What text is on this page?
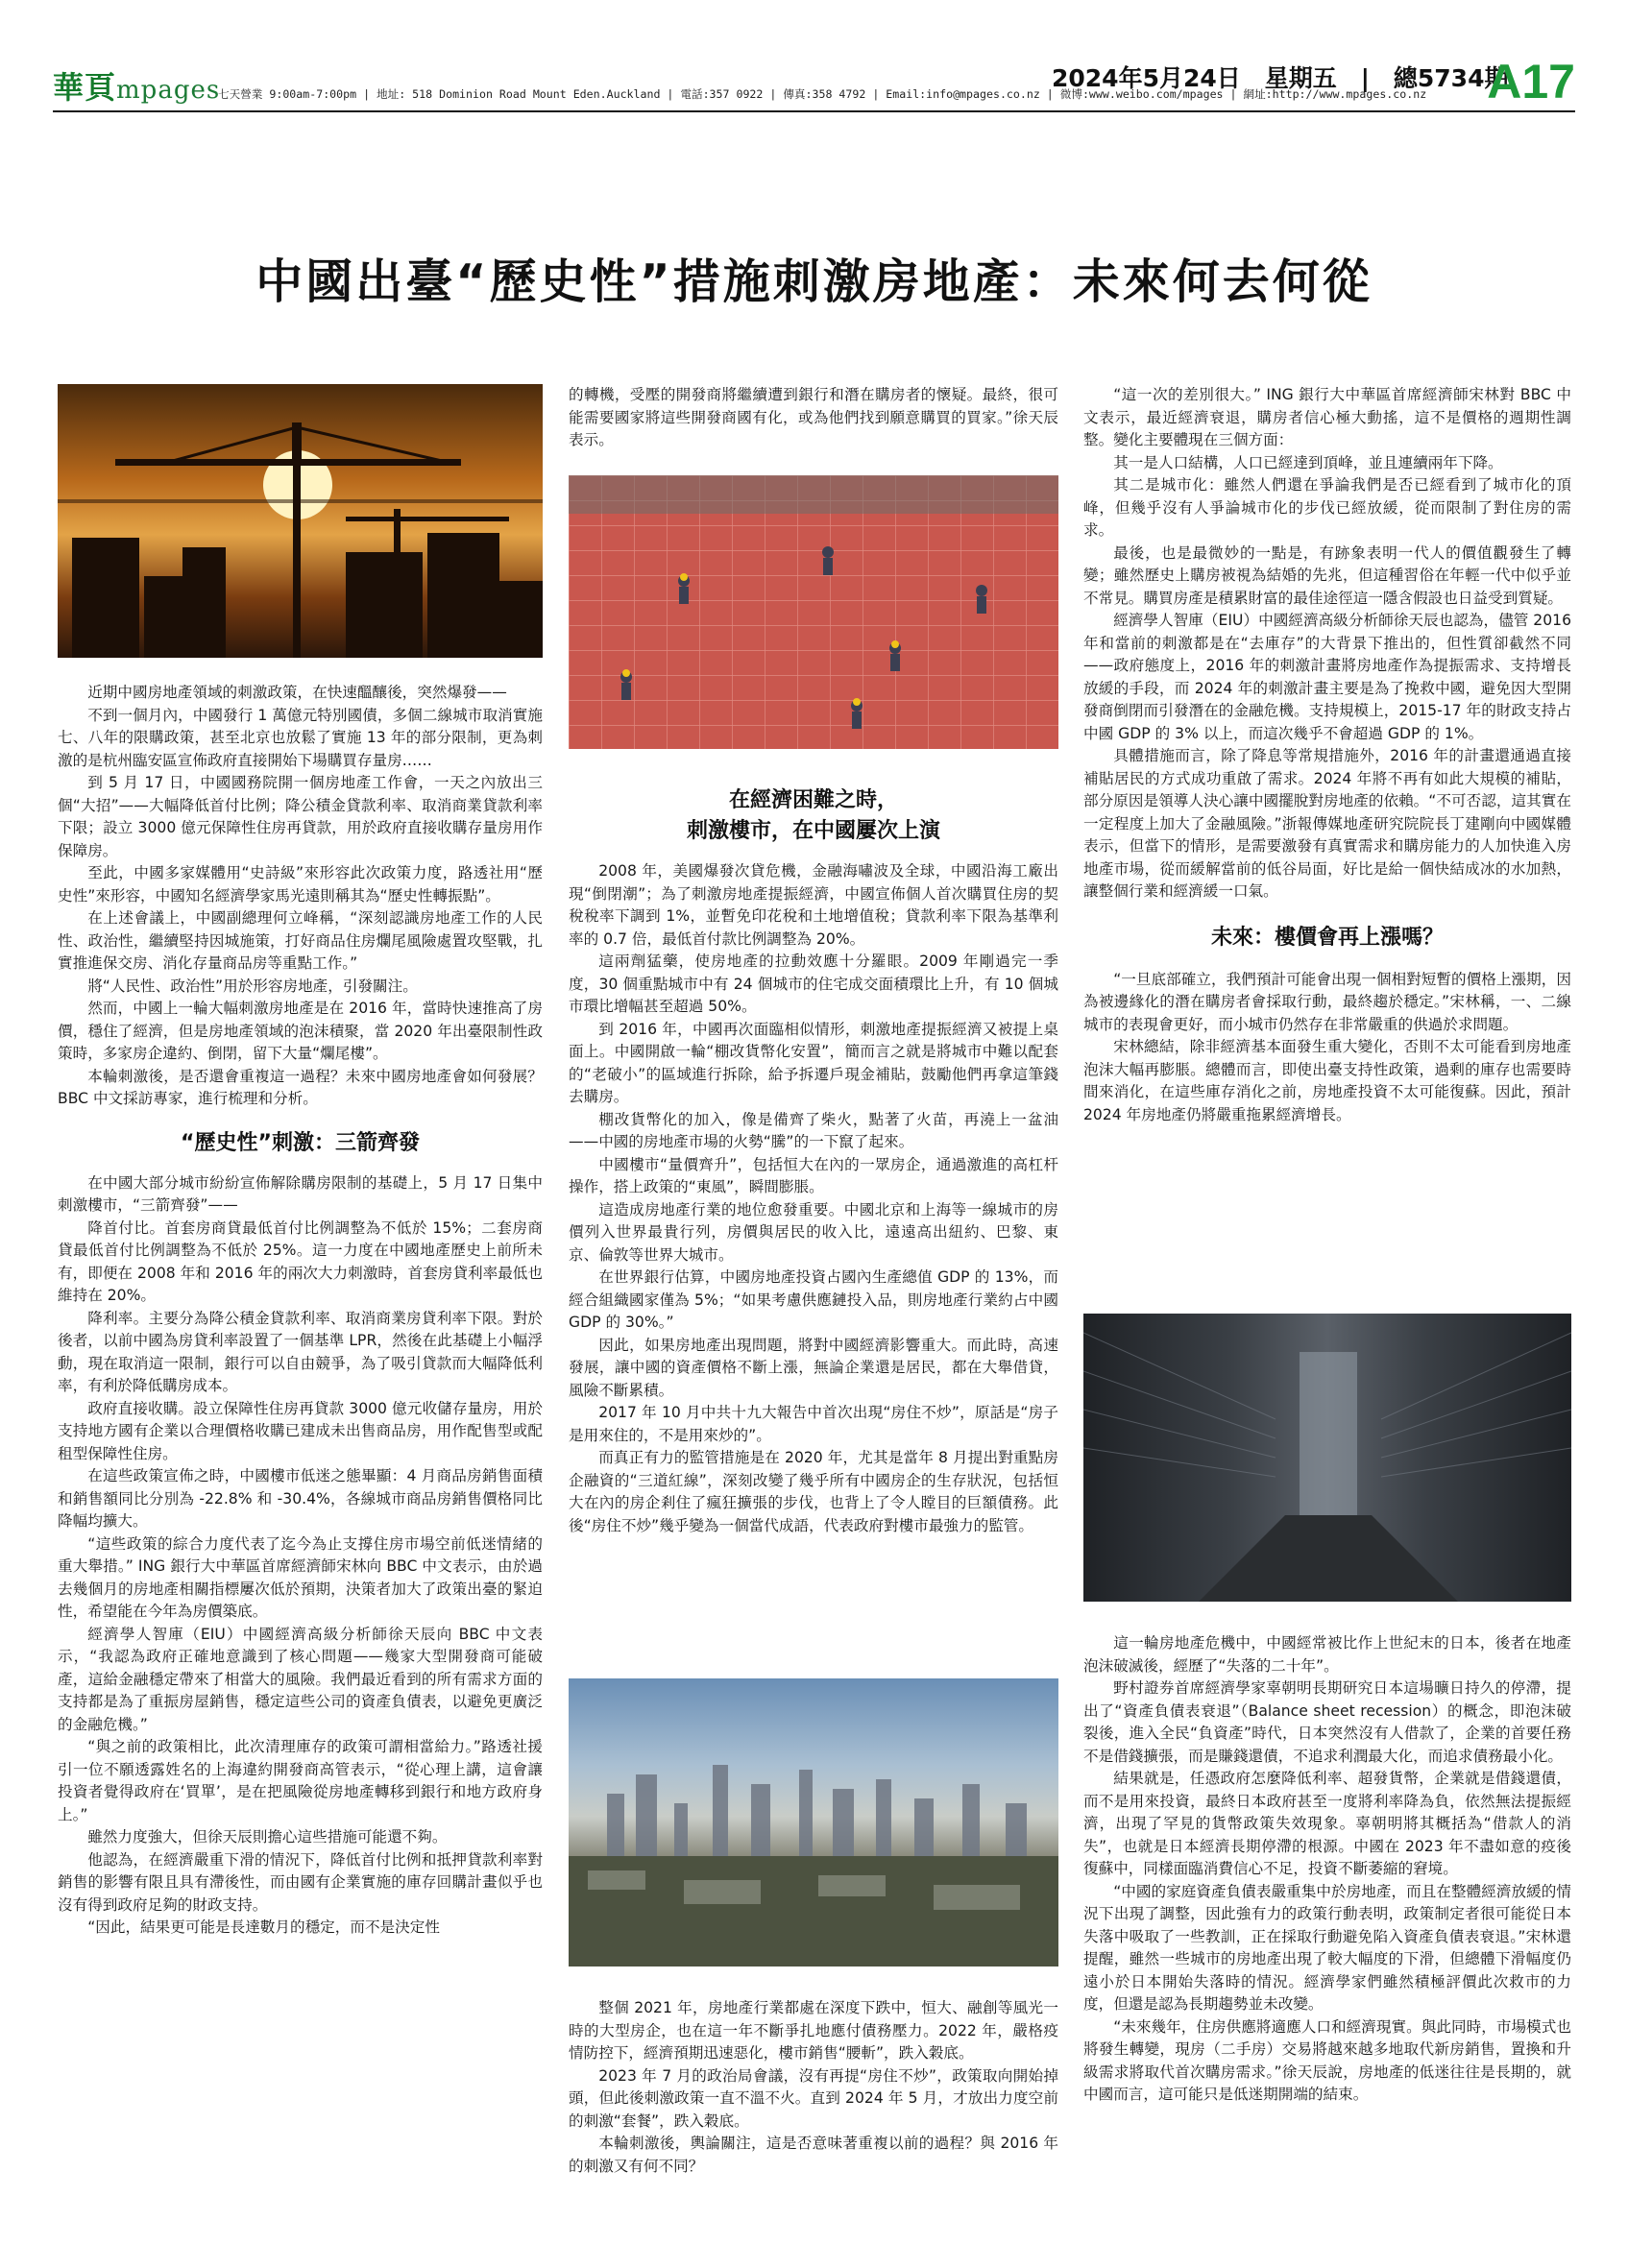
華頁mpages
七天營業 9:00am-7:00pm | 地址: 518 Dominion Road Mount Eden.Auckland | 電話:357 0922 | 傳真:358 4792 | Email:info@mpages.co.nz | 微博:www.weibo.com/mpages | 網址:http://www.mpages.co.nz
2024年5月24日　星期五　|　總5734期
A17
中國出臺“歷史性”措施刺激房地產：未來何去何從

近期中國房地產領域的刺激政策，在快速醞釀後，突然爆發——

不到一個月內，中國發行 1 萬億元特別國債，多個二線城市取消實施七、八年的限購政策，甚至北京也放鬆了實施 13 年的部分限制，更為刺激的是杭州臨安區宣佈政府直接開始下場購買存量房……

到 5 月 17 日，中國國務院開一個房地產工作會，一天之內放出三個“大招”——大幅降低首付比例；降公積金貸款利率、取消商業貸款利率下限；設立 3000 億元保障性住房再貸款，用於政府直接收購存量房用作保障房。

至此，中國多家媒體用“史詩級”來形容此次政策力度，路透社用“歷史性”來形容，中國知名經濟學家馬光遠則稱其為“歷史性轉振點”。

在上述會議上，中國副總理何立峰稱，“深刻認識房地產工作的人民性、政治性，繼續堅持因城施策，打好商品住房爛尾風險處置攻堅戰，扎實推進保交房、消化存量商品房等重點工作。”

將“人民性、政治性”用於形容房地產，引發關注。

然而，中國上一輪大幅刺激房地產是在 2016 年，當時快速推高了房價，穩住了經濟，但是房地產領域的泡沫積聚，當 2020 年出臺限制性政策時，多家房企違約、倒閉，留下大量“爛尾樓”。

本輪刺激後，是否還會重複這一過程？未來中國房地產會如何發展？ BBC 中文採訪專家，進行梳理和分析。

“歷史性”刺激：三箭齊發

在中國大部分城市紛紛宣佈解除購房限制的基礎上，5 月 17 日集中刺激樓市，“三箭齊發”——

降首付比。首套房商貸最低首付比例調整為不低於 15%；二套房商貸最低首付比例調整為不低於 25%。這一力度在中國地產歷史上前所未有，即便在 2008 年和 2016 年的兩次大力刺激時，首套房貸利率最低也維持在 20%。

降利率。主要分為降公積金貸款利率、取消商業房貸利率下限。對於後者，以前中國為房貸利率設置了一個基準 LPR，然後在此基礎上小幅浮動，現在取消這一限制，銀行可以自由競爭，為了吸引貸款而大幅降低利率，有利於降低購房成本。

政府直接收購。設立保障性住房再貸款 3000 億元收儲存量房，用於支持地方國有企業以合理價格收購已建成未出售商品房，用作配售型或配租型保障性住房。

在這些政策宣佈之時，中國樓市低迷之態畢顯：4 月商品房銷售面積和銷售額同比分別為 -22.8% 和 -30.4%，各線城市商品房銷售價格同比降幅均擴大。

“這些政策的綜合力度代表了迄今為止支撐住房市場空前低迷情緒的重大舉措。” ING 銀行大中華區首席經濟師宋林向 BBC 中文表示，由於過去幾個月的房地產相關指標屢次低於預期，決策者加大了政策出臺的緊迫性，希望能在今年為房價築底。

經濟學人智庫（EIU）中國經濟高級分析師徐天辰向 BBC 中文表示，“我認為政府正確地意識到了核心問題——幾家大型開發商可能破產，這給金融穩定帶來了相當大的風險。我們最近看到的所有需求方面的支持都是為了重振房屋銷售，穩定這些公司的資產負債表，以避免更廣泛的金融危機。”

“與之前的政策相比，此次清理庫存的政策可謂相當給力。”路透社援引一位不願透露姓名的上海違約開發商高管表示，“從心理上講，這會讓投資者覺得政府在‘買單’，是在把風險從房地產轉移到銀行和地方政府身上。”

雖然力度強大，但徐天辰則擔心這些措施可能還不夠。

他認為，在經濟嚴重下滑的情況下，降低首付比例和抵押貸款利率對銷售的影響有限且具有滯後性，而由國有企業實施的庫存回購計畫似乎也沒有得到政府足夠的財政支持。

“因此，結果更可能是長達數月的穩定，而不是決定性

的轉機，受壓的開發商將繼續遭到銀行和潛在購房者的懷疑。最終，很可能需要國家將這些開發商國有化，或為他們找到願意購買的買家。”徐天辰表示。

在經濟困難之時，
刺激樓市，在中國屢次上演

2008 年，美國爆發次貸危機，金融海嘯波及全球，中國沿海工廠出現“倒閉潮”；為了刺激房地產提振經濟，中國宣佈個人首次購買住房的契稅稅率下調到 1%，並暫免印花稅和土地增值稅；貸款利率下限為基準利率的 0.7 倍，最低首付款比例調整為 20%。

這兩劑猛藥，使房地產的拉動效應十分羅眼。2009 年剛過完一季度，30 個重點城市中有 24 個城市的住宅成交面積環比上升，有 10 個城市環比增幅甚至超過 50%。

到 2016 年，中國再次面臨相似情形，刺激地產提振經濟又被提上桌面上。中國開啟一輪“棚改貨幣化安置”，簡而言之就是將城市中難以配套的“老破小”的區域進行拆除，給予拆遷戶現金補貼，鼓勵他們再拿這筆錢去購房。

棚改貨幣化的加入，像是備齊了柴火，點著了火苗，再澆上一盆油——中國的房地產市場的火勢“騰”的一下竄了起來。

中國樓市“量價齊升”，包括恒大在內的一眾房企，通過激進的高杠杆操作，搭上政策的“東風”，瞬間膨脹。

這造成房地產行業的地位愈發重要。中國北京和上海等一線城市的房價列入世界最貴行列，房價與居民的收入比，遠遠高出紐約、巴黎、東京、倫敦等世界大城市。

在世界銀行估算，中國房地產投資占國內生產總值 GDP 的 13%，而經合組織國家僅為 5%；“如果考慮供應鏈投入品，則房地產行業約占中國 GDP 的 30%。”

因此，如果房地產出現問題，將對中國經濟影響重大。而此時，高速發展，讓中國的資產價格不斷上漲，無論企業還是居民，都在大舉借貸，風險不斷累積。

2017 年 10 月中共十九大報告中首次出現“房住不炒”，原話是“房子是用來住的，不是用來炒的”。

而真正有力的監管措施是在 2020 年，尤其是當年 8 月提出對重點房企融資的“三道紅線”，深刻改變了幾乎所有中國房企的生存狀況，包括恒大在內的房企剎住了瘋狂擴張的步伐，也背上了令人瞠目的巨額債務。此後“房住不炒”幾乎變為一個當代成語，代表政府對樓市最強力的監管。

整個 2021 年，房地產行業都處在深度下跌中，恒大、融創等風光一時的大型房企，也在這一年不斷爭扎地應付債務壓力。2022 年，嚴格疫情防控下，經濟預期迅速惡化，樓市銷售“腰斬”，跌入穀底。

2023 年 7 月的政治局會議，沒有再提“房住不炒”，政策取向開始掉頭，但此後刺激政策一直不溫不火。直到 2024 年 5 月，才放出力度空前的刺激“套餐”，跌入穀底。

本輪刺激後，輿論關注，這是否意味著重複以前的過程？與 2016 年的刺激又有何不同？

“這一次的差別很大。” ING 銀行大中華區首席經濟師宋林對 BBC 中文表示，最近經濟衰退，購房者信心極大動搖，這不是價格的週期性調整。變化主要體現在三個方面：

其一是人口結構，人口已經達到頂峰，並且連續兩年下降。

其二是城市化：雖然人們還在爭論我們是否已經看到了城市化的頂峰，但幾乎沒有人爭論城市化的步伐已經放緩，從而限制了對住房的需求。

最後，也是最微妙的一點是，有跡象表明一代人的價值觀發生了轉變；雖然歷史上購房被視為結婚的先兆，但這種習俗在年輕一代中似乎並不常見。購買房產是積累財富的最佳途徑這一隱含假設也日益受到質疑。

經濟學人智庫（EIU）中國經濟高級分析師徐天辰也認為，儘管 2016 年和當前的刺激都是在“去庫存”的大背景下推出的，但性質卻截然不同——政府態度上，2016 年的刺激計畫將房地產作為提振需求、支持增長放緩的手段，而 2024 年的刺激計畫主要是為了挽救中國，避免因大型開發商倒閉而引發潛在的金融危機。支持規模上，2015-17 年的財政支持占中國 GDP 的 3% 以上，而這次幾乎不會超過 GDP 的 1%。

具體措施而言，除了降息等常規措施外，2016 年的計畫還通過直接補貼居民的方式成功重啟了需求。2024 年將不再有如此大規模的補貼，部分原因是領導人決心讓中國擺脫對房地產的依賴。“不可否認，這其實在一定程度上加大了金融風險。”浙報傳媒地產研究院院長丁建剛向中國媒體表示，但當下的情形，是需要激發有真實需求和購房能力的人加快進入房地產市場，從而緩解當前的低谷局面，好比是給一個快結成冰的水加熱，讓整個行業和經濟緩一口氣。

未來：樓價會再上漲嗎？

“一旦底部確立，我們預計可能會出現一個相對短暫的價格上漲期，因為被邊緣化的潛在購房者會採取行動，最終趨於穩定。”宋林稱，一、二線城市的表現會更好，而小城市仍然存在非常嚴重的供過於求問題。

宋林總結，除非經濟基本面發生重大變化，否則不太可能看到房地產泡沫大幅再膨脹。總體而言，即使出臺支持性政策，過剩的庫存也需要時間來消化，在這些庫存消化之前，房地產投資不太可能復蘇。因此，預計 2024 年房地產仍將嚴重拖累經濟增長。

這一輪房地產危機中，中國經常被比作上世紀末的日本，後者在地產泡沫破滅後，經歷了“失落的二十年”。

野村證券首席經濟學家辜朝明長期研究日本這場曠日持久的停滯，提出了“資產負債表衰退”（Balance sheet recession）的概念，即泡沫破裂後，進入全民“負資產”時代，日本突然沒有人借款了，企業的首要任務不是借錢擴張，而是賺錢還債，不追求利潤最大化，而追求債務最小化。

結果就是，任憑政府怎麼降低利率、超發貨幣，企業就是借錢還債，而不是用來投資，最終日本政府甚至一度將利率降為負，依然無法提振經濟，出現了罕見的貨幣政策失效現象。辜朝明將其概括為“借款人的消失”，也就是日本經濟長期停滯的根源。中國在 2023 年不盡如意的疫後復蘇中，同樣面臨消費信心不足，投資不斷萎縮的窘境。

“中國的家庭資產負債表嚴重集中於房地產，而且在整體經濟放緩的情況下出現了調整，因此強有力的政策行動表明，政策制定者很可能從日本失落中吸取了一些教訓，正在採取行動避免陷入資產負債表衰退。”宋林還提醒，雖然一些城市的房地產出現了較大幅度的下滑，但總體下滑幅度仍遠小於日本開始失落時的情況。經濟學家們雖然積極評價此次救市的力度，但還是認為長期趨勢並未改變。

“未來幾年，住房供應將適應人口和經濟現實。與此同時，市場模式也將發生轉變，現房（二手房）交易將越來越多地取代新房銷售，置換和升級需求將取代首次購房需求。”徐天辰說，房地產的低迷往往是長期的，就中國而言，這可能只是低迷期開端的結束。
